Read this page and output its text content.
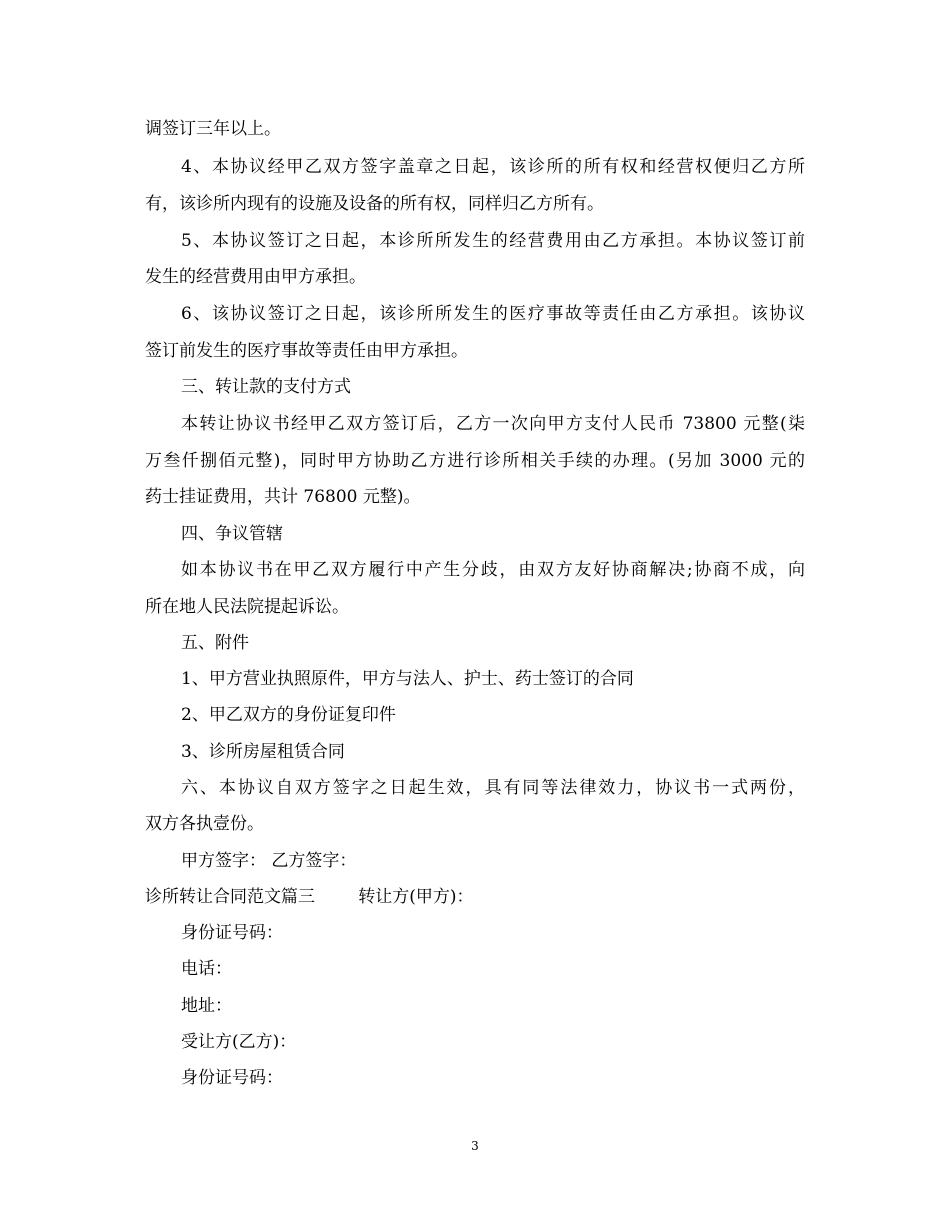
调签订三年以上。
4、本协议经甲乙双方签字盖章之日起，该诊所的所有权和经营权便归乙方所
有，该诊所内现有的设施及设备的所有权，同样归乙方所有。
5、本协议签订之日起，本诊所所发生的经营费用由乙方承担。本协议签订前
发生的经营费用由甲方承担。
6、该协议签订之日起，该诊所所发生的医疗事故等责任由乙方承担。该协议
签订前发生的医疗事故等责任由甲方承担。
三、转让款的支付方式
本转让协议书经甲乙双方签订后，乙方一次向甲方支付人民币 73800 元整(柒
万叁仟捌佰元整)，同时甲方协助乙方进行诊所相关手续的办理。(另加 3000 元的
药士挂证费用，共计 76800 元整)。
四、争议管辖
如本协议书在甲乙双方履行中产生分歧，由双方友好协商解决;协商不成，向
所在地人民法院提起诉讼。
五、附件
1、甲方营业执照原件，甲方与法人、护士、药士签订的合同
2、甲乙双方的身份证复印件
3、诊所房屋租赁合同
六、本协议自双方签字之日起生效，具有同等法律效力，协议书一式两份，
双方各执壹份。
甲方签字： 乙方签字：
诊所转让合同范文篇三        转让方(甲方)：
身份证号码：
电话：
地址：
受让方(乙方)：
身份证号码：
3
